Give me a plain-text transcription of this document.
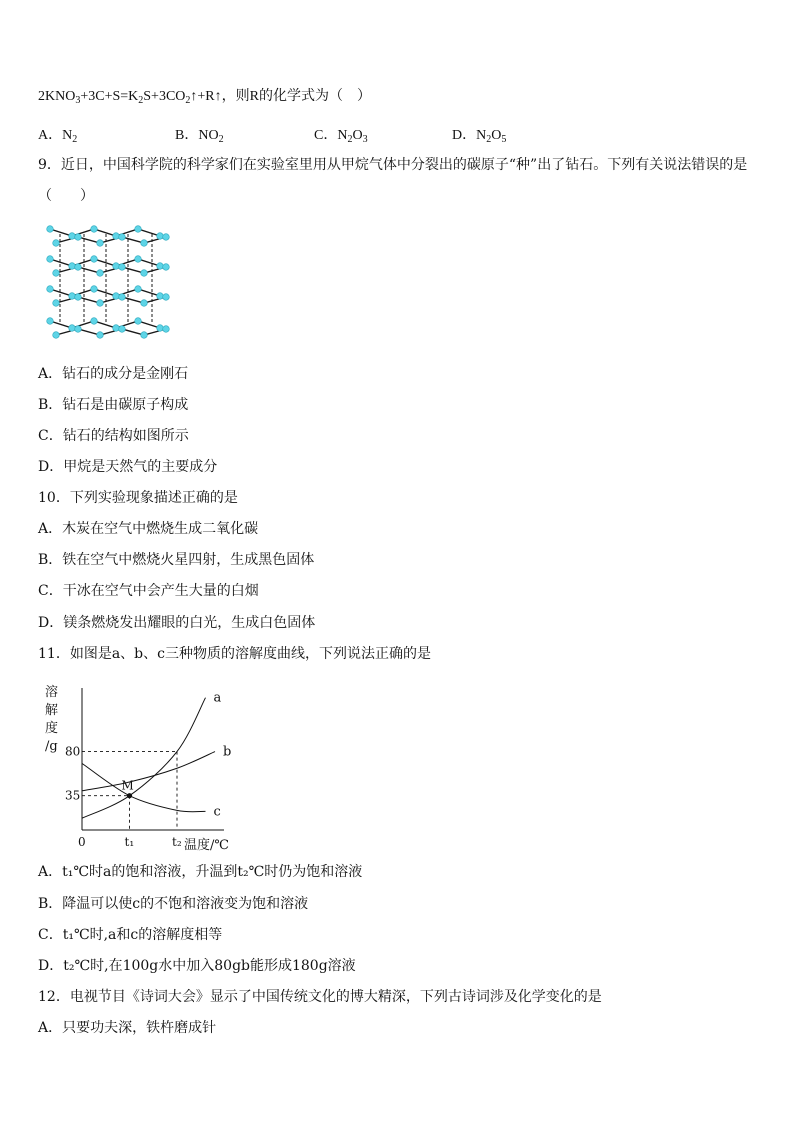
$2KNO_3+3C+S=K_2S+3CO_2↑+R↑$，则R的化学式为（　）
A．$N_2$	B．$NO_2$	C．$N_2O_3$	D．$N_2O_5$
9．近日，中国科学院的科学家们在实验室里用从甲烷气体中分裂出的碳原子“种”出了钻石。下列有关说法错误的是
（　　）
A．钻石的成分是金刚石
B．钻石是由碳原子构成
C．钻石的结构如图所示
D．甲烷是天然气的主要成分
10．下列实验现象描述正确的是
A．木炭在空气中燃烧生成二氧化碳
B．铁在空气中燃烧火星四射，生成黑色固体
C．干冰在空气中会产生大量的白烟
D．镁条燃烧发出耀眼的白光，生成白色固体
11．如图是a、b、c三种物质的溶解度曲线，下列说法正确的是
溶
解
度
/g
0	温度/℃
35
80
t₁	t₂
a
b
c
M
A．t₁℃时a的饱和溶液，升温到t₂℃时仍为饱和溶液
B．降温可以使c的不饱和溶液变为饱和溶液
C．t₁℃时,a和c的溶解度相等
D．t₂℃时,在100g水中加入80gb能形成180g溶液
12．电视节目《诗词大会》显示了中国传统文化的博大精深，下列古诗词涉及化学变化的是
A．只要功夫深，铁杵磨成针
